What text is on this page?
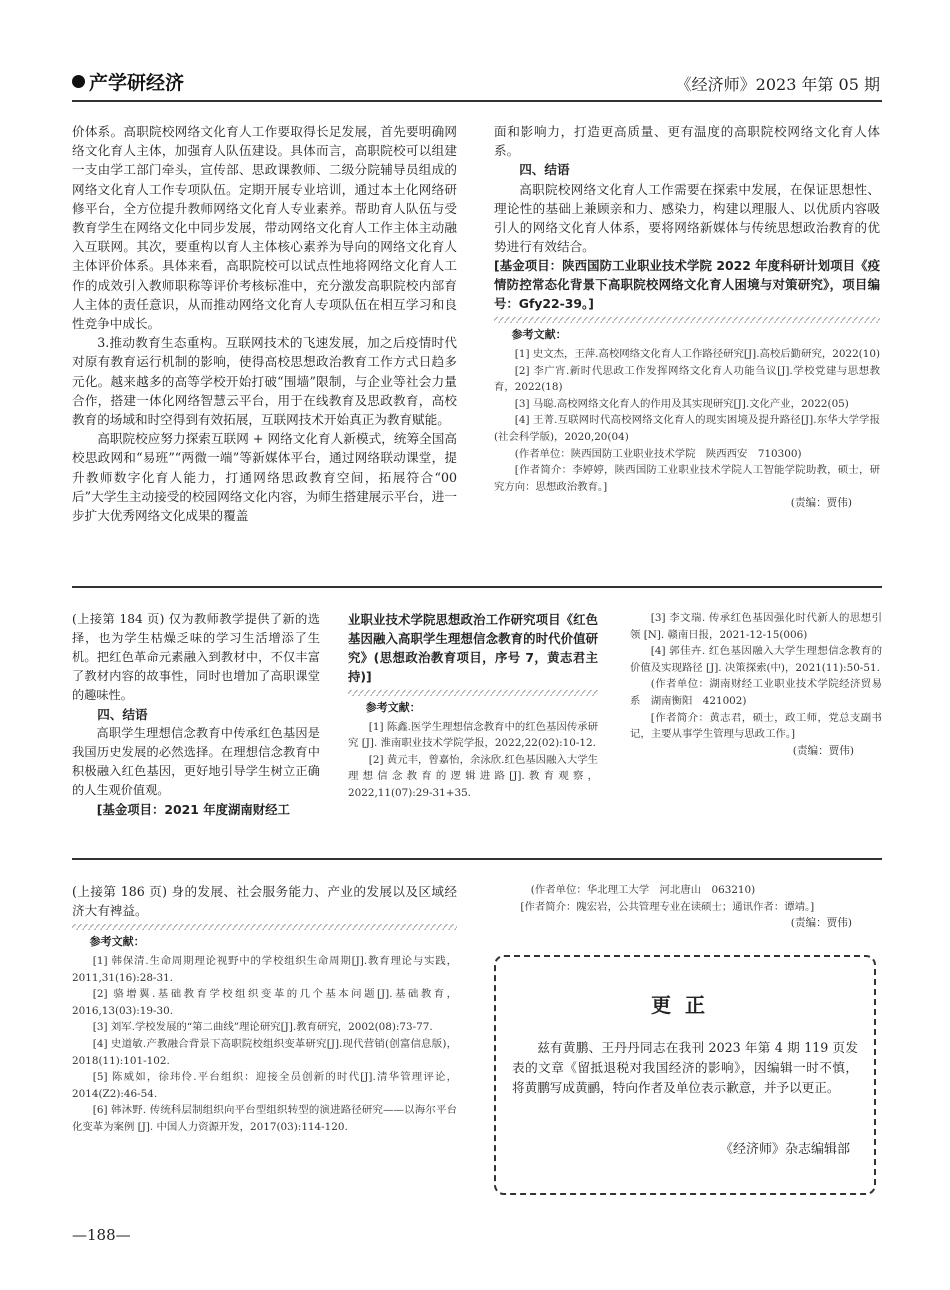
产学研经济	《经济师》2023 年第 05 期

价体系。高职院校网络文化育人工作要取得长足发展，首先要明确网络文化育人主体，加强育人队伍建设。具体而言，高职院校可以组建一支由学工部门牵头，宣传部、思政课教师、二级分院辅导员组成的网络文化育人工作专项队伍。定期开展专业培训，通过本土化网络研修平台，全方位提升教师网络文化育人专业素养。帮助育人队伍与受教育学生在网络文化中同步发展，带动网络文化育人工作主体主动融入互联网。其次，要重构以育人主体核心素养为导向的网络文化育人主体评价体系。具体来看，高职院校可以试点性地将网络文化育人工作的成效引入教师职称等评价考核标准中，充分激发高职院校内部育人主体的责任意识，从而推动网络文化育人专项队伍在相互学习和良性竞争中成长。

3.推动教育生态重构。互联网技术的飞速发展，加之后疫情时代对原有教育运行机制的影响，使得高校思想政治教育工作方式日趋多元化。越来越多的高等学校开始打破“围墙”限制，与企业等社会力量合作，搭建一体化网络智慧云平台，用于在线教育及思政教育，高校教育的场域和时空得到有效拓展，互联网技术开始真正为教育赋能。

高职院校应努力探索互联网 + 网络文化育人新模式，统筹全国高校思政网和“易班”“两微一端”等新媒体平台，通过网络联动课堂，提升教师数字化育人能力，打通网络思政教育空间，拓展符合“00 后”大学生主动接受的校园网络文化内容，为师生搭建展示平台，进一步扩大优秀网络文化成果的覆盖

面和影响力，打造更高质量、更有温度的高职院校网络文化育人体系。

四、结语

高职院校网络文化育人工作需要在探索中发展，在保证思想性、理论性的基础上兼顾亲和力、感染力，构建以理服人、以优质内容吸引人的网络文化育人体系，要将网络新媒体与传统思想政治教育的优势进行有效结合。

[基金项目：陕西国防工业职业技术学院 2022 年度科研计划项目《疫情防控常态化背景下高职院校网络文化育人困境与对策研究》，项目编号：Gfy22-39。]
参考文献：

[1] 史文杰，王萍.高校网络文化育人工作路径研究[J].高校后勤研究，2022(10)

[2] 李广宵.新时代思政工作发挥网络文化育人功能刍议[J].学校党建与思想教育，2022(18)

[3] 马聪.高校网络文化育人的作用及其实现研究[J].文化产业，2022(05)

[4] 王菁.互联网时代高校网络文化育人的现实困境及提升路径[J].东华大学学报(社会科学版)，2020,20(04)

(作者单位：陕西国防工业职业技术学院　陕西西安　710300)

[作者简介：李婷婷，陕西国防工业职业技术学院人工智能学院助教，硕士，研究方向：思想政治教育。]

(责编：贾伟)

(上接第 184 页) 仅为教师教学提供了新的选择，也为学生枯燥乏味的学习生活增添了生机。把红色革命元素融入到教材中，不仅丰富了教材内容的故事性，同时也增加了高职课堂的趣味性。

四、结语

高职学生理想信念教育中传承红色基因是我国历史发展的必然选择。在理想信念教育中积极融入红色基因，更好地引导学生树立正确的人生观价值观。

[基金项目：2021 年度湖南财经工
业职业技术学院思想政治工作研究项目《红色基因融入高职学生理想信念教育的时代价值研究》(思想政治教育项目，序号 7，黄志君主持)]
参考文献：

[1] 陈鑫.医学生理想信念教育中的红色基因传承研究 [J]. 淮南职业技术学院学报，2022,22(02):10-12.

[2] 黄元丰，曾嘉怡，余泳欣.红色基因融入大学生理想信念教育的逻辑进路[J].教育观察，2022,11(07):29-31+35.

[3] 李文瑞. 传承红色基因强化时代新人的思想引领 [N]. 赣南日报，2021-12-15(006)

[4] 郭佳卉. 红色基因融入大学生理想信念教育的价值及实现路径 [J]. 决策探索(中)，2021(11):50-51.

(作者单位：湖南财经工业职业技术学院经济贸易系　湖南衡阳　421002)

[作者简介：黄志君，硕士，政工师，党总支副书记，主要从事学生管理与思政工作。]

(责编：贾伟)

(上接第 186 页) 身的发展、社会服务能力、产业的发展以及区域经济大有裨益。

参考文献：

[1] 韩保清.生命周期理论视野中的学校组织生命周期[J].教育理论与实践，2011,31(16):28-31.

[2] 骆增翼.基础教育学校组织变革的几个基本问题[J].基础教育，2016,13(03):19-30.

[3] 刘军.学校发展的“第二曲线”理论研究[J].教育研究，2002(08):73-77.

[4] 史道敏.产教融合背景下高职院校组织变革研究[J].现代营销(创富信息版)，2018(11):101-102.

[5] 陈威如，徐玮伶.平台组织：迎接全员创新的时代[J].清华管理评论，2014(Z2):46-54.

[6] 韩沐野. 传统科层制组织向平台型组织转型的演进路径研究——以海尔平台化变革为案例 [J]. 中国人力资源开发，2017(03):114-120.

(作者单位：华北理工大学　河北唐山　063210)

[作者简介：隗宏岩，公共管理专业在读硕士；通讯作者：谭靖。]

(责编：贾伟)
更正

兹有黄鹏、王丹丹同志在我刊 2023 年第 4 期 119 页发表的文章《留抵退税对我国经济的影响》，因编辑一时不慎，将黄鹏写成黄鹂，特向作者及单位表示歉意，并予以更正。

《经济师》杂志编辑部
—188—
